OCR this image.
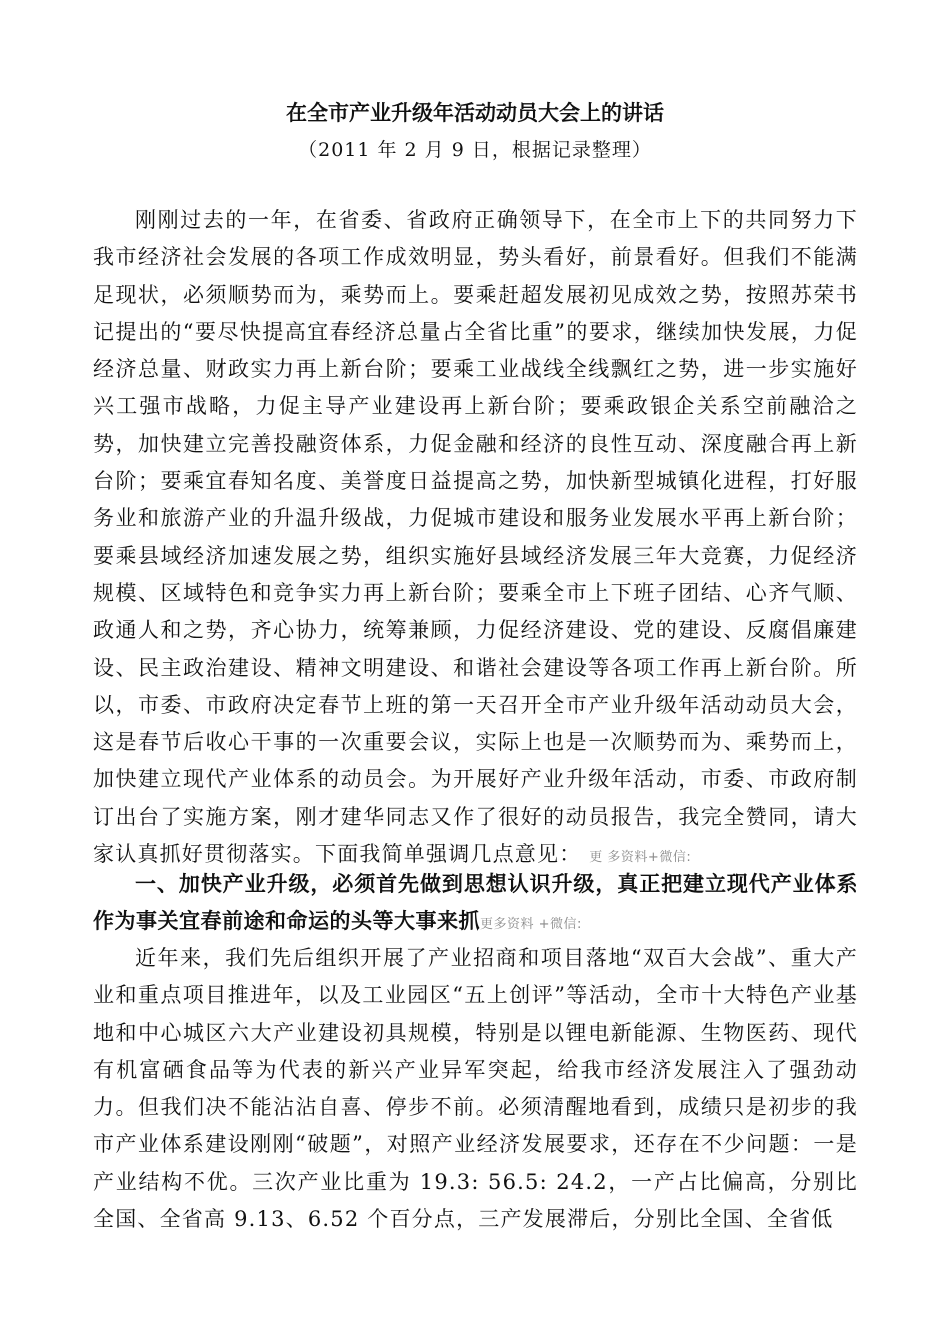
在全市产业升级年活动动员大会上的讲话
（2011 年 2 月 9 日，根据记录整理）

刚刚过去的一年，在省委、省政府正确领导下，在全市上下的共同努力下我市经济社会发展的各项工作成效明显，势头看好，前景看好。但我们不能满足现状，必须顺势而为，乘势而上。要乘赶超发展初见成效之势，按照苏荣书记提出的“要尽快提高宜春经济总量占全省比重”的要求，继续加快发展，力促经济总量、财政实力再上新台阶；要乘工业战线全线飘红之势，进一步实施好兴工强市战略，力促主导产业建设再上新台阶；要乘政银企关系空前融洽之势，加快建立完善投融资体系，力促金融和经济的良性互动、深度融合再上新台阶；要乘宜春知名度、美誉度日益提高之势，加快新型城镇化进程，打好服务业和旅游产业的升温升级战，力促城市建设和服务业发展水平再上新台阶；要乘县域经济加速发展之势，组织实施好县域经济发展三年大竞赛，力促经济规模、区域特色和竞争实力再上新台阶；要乘全市上下班子团结、心齐气顺、政通人和之势，齐心协力，统筹兼顾，力促经济建设、党的建设、反腐倡廉建设、民主政治建设、精神文明建设、和谐社会建设等各项工作再上新台阶。所以，市委、市政府决定春节上班的第一天召开全市产业升级年活动动员大会，这是春节后收心干事的一次重要会议，实际上也是一次顺势而为、乘势而上，加快建立现代产业体系的动员会。为开展好产业升级年活动，市委、市政府制订出台了实施方案，刚才建华同志又作了很好的动员报告，我完全赞同，请大家认真抓好贯彻落实。下面我简单强调几点意见： 更 多资料+微信:

一、加快产业升级，必须首先做到思想认识升级，真正把建立现代产业体系作为事关宜春前途和命运的头等大事来抓更多资料 +微信:

近年来，我们先后组织开展了产业招商和项目落地“双百大会战”、重大产业和重点项目推进年，以及工业园区“五上创评”等活动，全市十大特色产业基地和中心城区六大产业建设初具规模，特别是以锂电新能源、生物医药、现代有机富硒食品等为代表的新兴产业异军突起，给我市经济发展注入了强劲动力。但我们决不能沾沾自喜、停步不前。必须清醒地看到，成绩只是初步的我市产业体系建设刚刚“破题”，对照产业经济发展要求，还存在不少问题：一是产业结构不优。三次产业比重为 19.3: 56.5: 24.2，一产占比偏高，分别比全国、全省高 9.13、6.52 个百分点，三产发展滞后，分别比全国、全省低
